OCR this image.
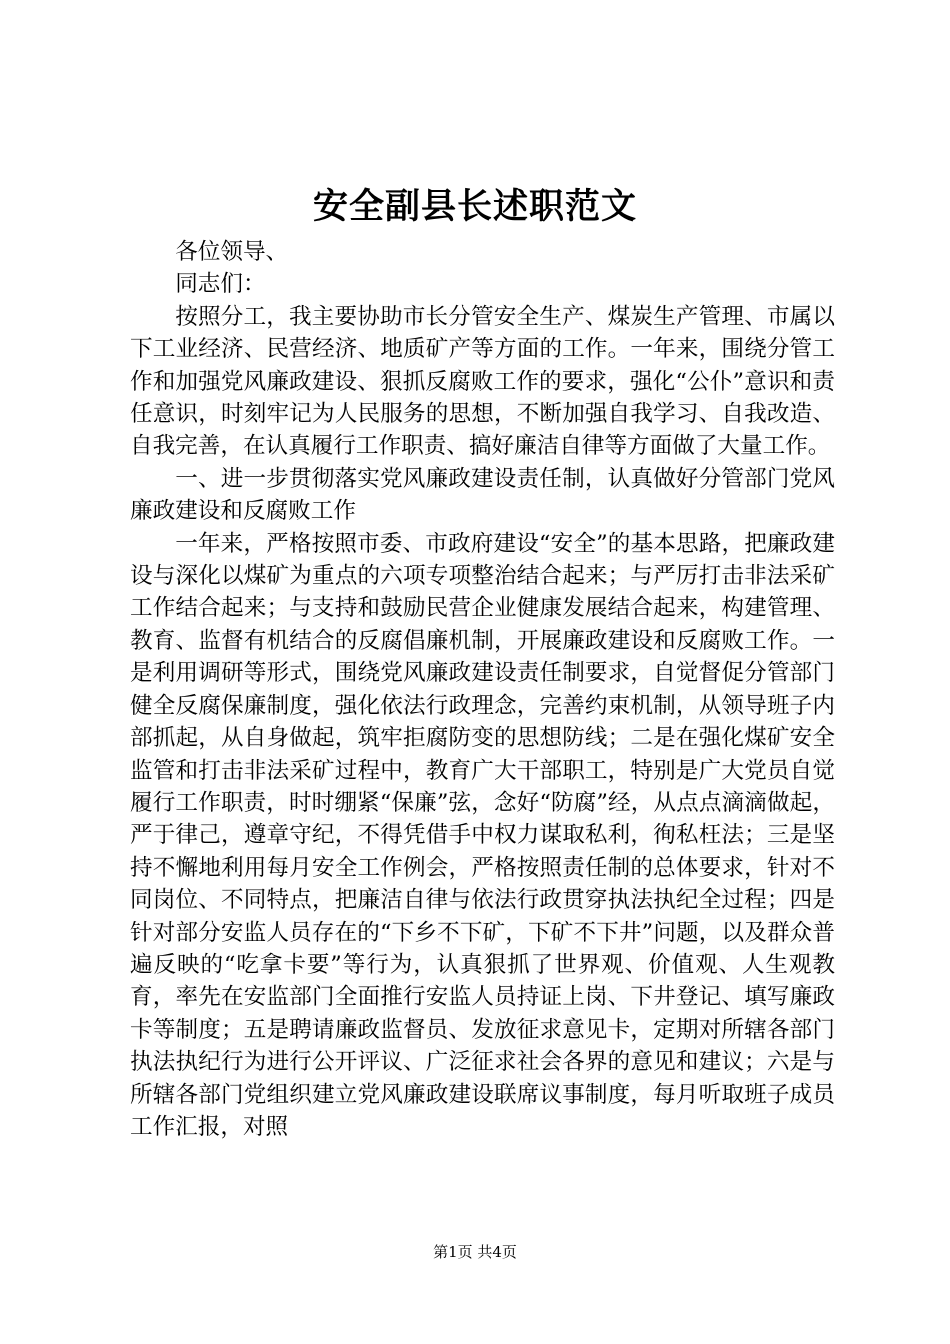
安全副县长述职范文

各位领导、

同志们：

按照分工，我主要协助市长分管安全生产、煤炭生产管理、市属以下工业经济、民营经济、地质矿产等方面的工作。一年来，围绕分管工作和加强党风廉政建设、狠抓反腐败工作的要求，强化“公仆”意识和责任意识，时刻牢记为人民服务的思想，不断加强自我学习、自我改造、自我完善，在认真履行工作职责、搞好廉洁自律等方面做了大量工作。

一、进一步贯彻落实党风廉政建设责任制，认真做好分管部门党风廉政建设和反腐败工作

一年来，严格按照市委、市政府建设“安全”的基本思路，把廉政建设与深化以煤矿为重点的六项专项整治结合起来；与严厉打击非法采矿工作结合起来；与支持和鼓励民营企业健康发展结合起来，构建管理、教育、监督有机结合的反腐倡廉机制，开展廉政建设和反腐败工作。一是利用调研等形式，围绕党风廉政建设责任制要求，自觉督促分管部门健全反腐保廉制度，强化依法行政理念，完善约束机制，从领导班子内部抓起，从自身做起，筑牢拒腐防变的思想防线；二是在强化煤矿安全监管和打击非法采矿过程中，教育广大干部职工，特别是广大党员自觉履行工作职责，时时绷紧“保廉”弦，念好“防腐”经，从点点滴滴做起，严于律己，遵章守纪，不得凭借手中权力谋取私利，徇私枉法；三是坚持不懈地利用每月安全工作例会，严格按照责任制的总体要求，针对不同岗位、不同特点，把廉洁自律与依法行政贯穿执法执纪全过程；四是针对部分安监人员存在的“下乡不下矿，下矿不下井”问题，以及群众普遍反映的“吃拿卡要”等行为，认真狠抓了世界观、价值观、人生观教育，率先在安监部门全面推行安监人员持证上岗、下井登记、填写廉政卡等制度；五是聘请廉政监督员、发放征求意见卡，定期对所辖各部门执法执纪行为进行公开评议、广泛征求社会各界的意见和建议；六是与所辖各部门党组织建立党风廉政建设联席议事制度，每月听取班子成员工作汇报，对照

第1页 共4页
